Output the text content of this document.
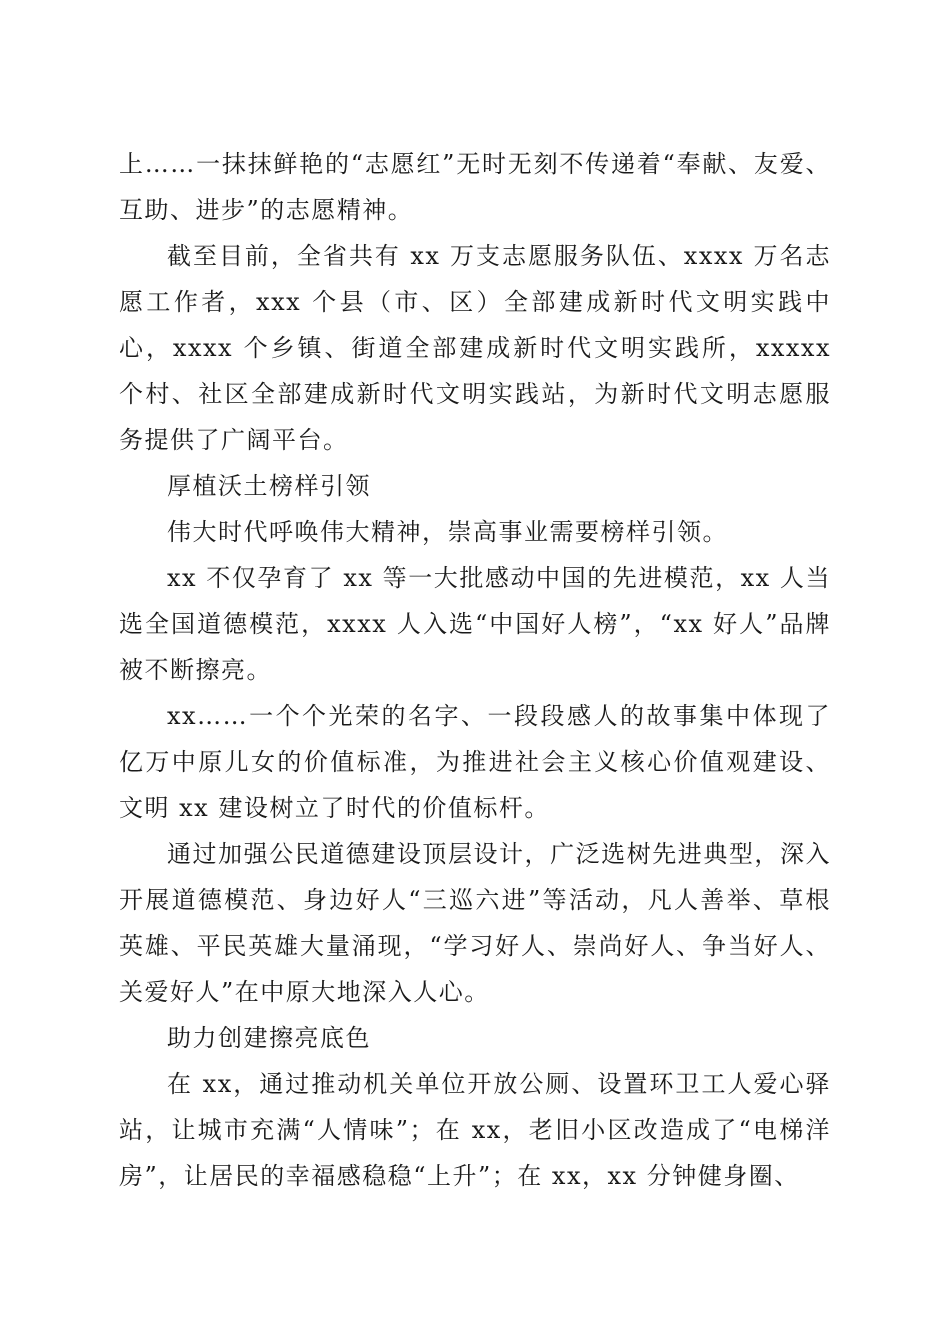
上……一抹抹鲜艳的“志愿红”无时无刻不传递着“奉献、友爱、互助、进步”的志愿精神。

截至目前，全省共有 xx 万支志愿服务队伍、xxxx 万名志愿工作者，xxx 个县（市、区）全部建成新时代文明实践中心，xxxx 个乡镇、街道全部建成新时代文明实践所，xxxxx 个村、社区全部建成新时代文明实践站，为新时代文明志愿服务提供了广阔平台。

厚植沃土榜样引领

伟大时代呼唤伟大精神，崇高事业需要榜样引领。

xx 不仅孕育了 xx 等一大批感动中国的先进模范，xx 人当选全国道德模范，xxxx 人入选“中国好人榜”，“xx 好人”品牌被不断擦亮。

xx……一个个光荣的名字、一段段感人的故事集中体现了亿万中原儿女的价值标准，为推进社会主义核心价值观建设、文明 xx 建设树立了时代的价值标杆。

通过加强公民道德建设顶层设计，广泛选树先进典型，深入开展道德模范、身边好人“三巡六进”等活动，凡人善举、草根英雄、平民英雄大量涌现，“学习好人、崇尚好人、争当好人、关爱好人”在中原大地深入人心。

助力创建擦亮底色

在 xx，通过推动机关单位开放公厕、设置环卫工人爱心驿站，让城市充满“人情味”；在 xx，老旧小区改造成了“电梯洋房”，让居民的幸福感稳稳“上升”；在 xx，xx 分钟健身圈、
